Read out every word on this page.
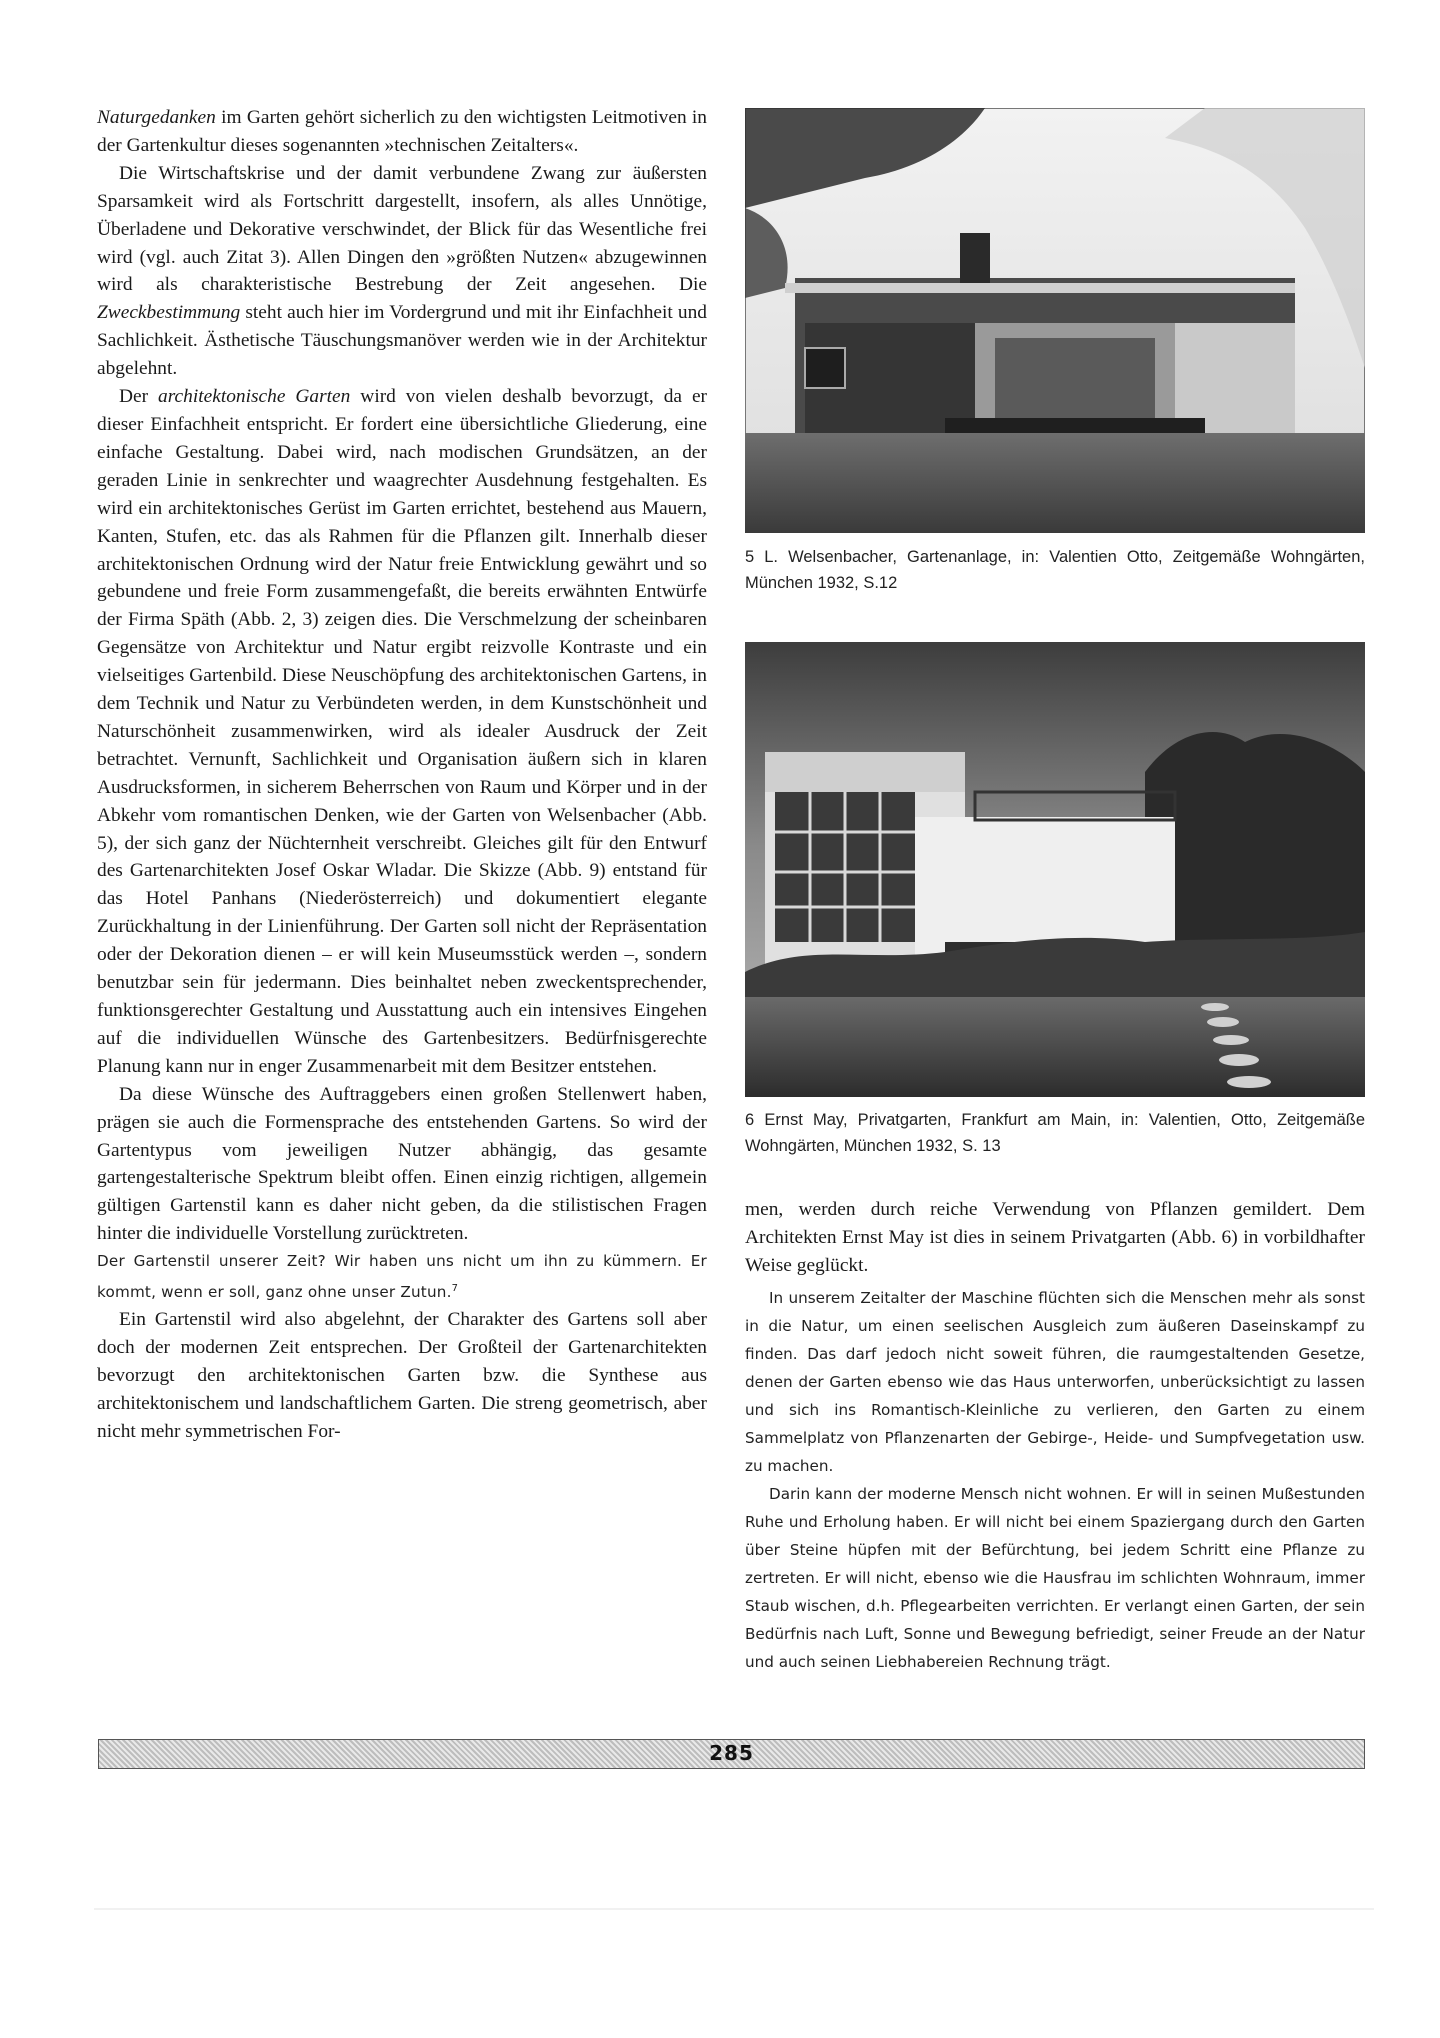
Naturgedanken im Garten gehört sicherlich zu den wichtigsten Leitmotiven in der Gartenkultur dieses sogenannten »technischen Zeitalters«.

Die Wirtschaftskrise und der damit verbundene Zwang zur äußersten Sparsamkeit wird als Fortschritt dargestellt, insofern, als alles Unnötige, Überladene und Dekorative verschwindet, der Blick für das Wesentliche frei wird (vgl. auch Zitat 3). Allen Dingen den »größten Nutzen« abzugewinnen wird als charakteristische Bestrebung der Zeit angesehen. Die Zweckbestimmung steht auch hier im Vordergrund und mit ihr Einfachheit und Sachlichkeit. Ästhetische Täuschungsmanöver werden wie in der Architektur abgelehnt.

Der architektonische Garten wird von vielen deshalb bevorzugt, da er dieser Einfachheit entspricht. Er fordert eine übersichtliche Gliederung, eine einfache Gestaltung. Dabei wird, nach modischen Grundsätzen, an der geraden Linie in senkrechter und waagrechter Ausdehnung festgehalten. Es wird ein architektonisches Gerüst im Garten errichtet, bestehend aus Mauern, Kanten, Stufen, etc. das als Rahmen für die Pflanzen gilt. Innerhalb dieser architektonischen Ordnung wird der Natur freie Entwicklung gewährt und so gebundene und freie Form zusammengefaßt, die bereits erwähnten Entwürfe der Firma Späth (Abb. 2, 3) zeigen dies. Die Verschmelzung der scheinbaren Gegensätze von Architektur und Natur ergibt reizvolle Kontraste und ein vielseitiges Gartenbild. Diese Neuschöpfung des architektonischen Gartens, in dem Technik und Natur zu Verbündeten werden, in dem Kunstschönheit und Naturschönheit zusammenwirken, wird als idealer Ausdruck der Zeit betrachtet. Vernunft, Sachlichkeit und Organisation äußern sich in klaren Ausdrucksformen, in sicherem Beherrschen von Raum und Körper und in der Abkehr vom romantischen Denken, wie der Garten von Welsenbacher (Abb. 5), der sich ganz der Nüchternheit verschreibt. Gleiches gilt für den Entwurf des Gartenarchitekten Josef Oskar Wladar. Die Skizze (Abb. 9) entstand für das Hotel Panhans (Niederösterreich) und dokumentiert elegante Zurückhaltung in der Linienführung. Der Garten soll nicht der Repräsentation oder der Dekoration dienen – er will kein Museumsstück werden –, sondern benutzbar sein für jedermann. Dies beinhaltet neben zweckentsprechender, funktionsgerechter Gestaltung und Ausstattung auch ein intensives Eingehen auf die individuellen Wünsche des Gartenbesitzers. Bedürfnisgerechte Planung kann nur in enger Zusammenarbeit mit dem Besitzer entstehen.

Da diese Wünsche des Auftraggebers einen großen Stellenwert haben, prägen sie auch die Formensprache des entstehenden Gartens. So wird der Gartentypus vom jeweiligen Nutzer abhängig, das gesamte gartengestalterische Spektrum bleibt offen. Einen einzig richtigen, allgemein gültigen Gartenstil kann es daher nicht geben, da die stilistischen Fragen hinter die individuelle Vorstellung zurücktreten.

Der Gartenstil unserer Zeit? Wir haben uns nicht um ihn zu kümmern. Er kommt, wenn er soll, ganz ohne unser Zutun.$^7$

Ein Gartenstil wird also abgelehnt, der Charakter des Gartens soll aber doch der modernen Zeit entsprechen. Der Großteil der Gartenarchitekten bevorzugt den architektonischen Garten bzw. die Synthese aus architektonischem und landschaftlichem Garten. Die streng geometrisch, aber nicht mehr symmetrischen For-

5 L. Welsenbacher, Gartenanlage, in: Valentien Otto, Zeitgemäße Wohngärten, München 1932, S.12
6 Ernst May, Privatgarten, Frankfurt am Main, in: Valentien, Otto, Zeitgemäße Wohngärten, München 1932, S. 13

men, werden durch reiche Verwendung von Pflanzen gemildert. Dem Architekten Ernst May ist dies in seinem Privatgarten (Abb. 6) in vorbildhafter Weise geglückt.

In unserem Zeitalter der Maschine flüchten sich die Menschen mehr als sonst in die Natur, um einen seelischen Ausgleich zum äußeren Daseinskampf zu finden. Das darf jedoch nicht soweit führen, die raumgestaltenden Gesetze, denen der Garten ebenso wie das Haus unterworfen, unberücksichtigt zu lassen und sich ins Romantisch-Kleinliche zu verlieren, den Garten zu einem Sammelplatz von Pflanzenarten der Gebirge-, Heide- und Sumpfvegetation usw. zu machen.

Darin kann der moderne Mensch nicht wohnen. Er will in seinen Mußestunden Ruhe und Erholung haben. Er will nicht bei einem Spaziergang durch den Garten über Steine hüpfen mit der Befürchtung, bei jedem Schritt eine Pflanze zu zertreten. Er will nicht, ebenso wie die Hausfrau im schlichten Wohnraum, immer Staub wischen, d.h. Pflegearbeiten verrichten. Er verlangt einen Garten, der sein Bedürfnis nach Luft, Sonne und Bewegung befriedigt, seiner Freude an der Natur und auch seinen Liebhabereien Rechnung trägt.

285
